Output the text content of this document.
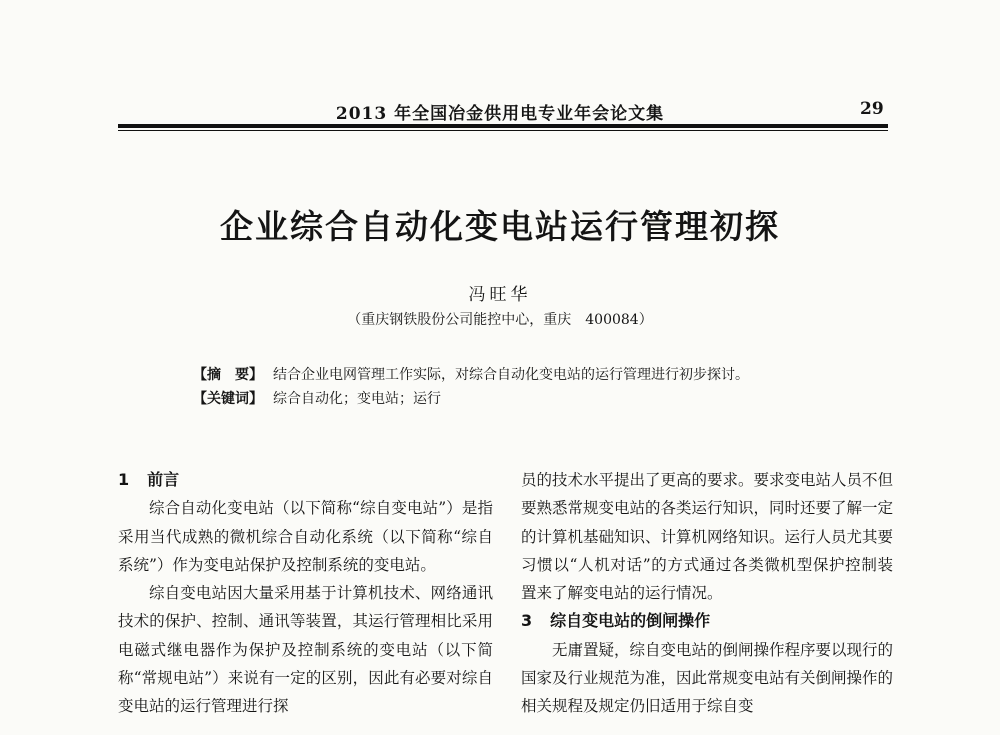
2013 年全国冶金供用电专业年会论文集	29
企业综合自动化变电站运行管理初探
冯旺华
（重庆钢铁股份公司能控中心，重庆　400084）
【摘　要】 结合企业电网管理工作实际，对综合自动化变电站的运行管理进行初步探讨。
【关键词】 综合自动化；变电站；运行
1 前言

综合自动化变电站（以下简称“综自变电站”）是指采用当代成熟的微机综合自动化系统（以下简称“综自系统”）作为变电站保护及控制系统的变电站。

综自变电站因大量采用基于计算机技术、网络通讯技术的保护、控制、通讯等装置，其运行管理相比采用电磁式继电器作为保护及控制系统的变电站（以下简称“常规电站”）来说有一定的区别，因此有必要对综自变电站的运行管理进行探

员的技术水平提出了更高的要求。要求变电站人员不但要熟悉常规变电站的各类运行知识，同时还要了解一定的计算机基础知识、计算机网络知识。运行人员尤其要习惯以“人机对话”的方式通过各类微机型保护控制装置来了解变电站的运行情况。

3 综自变电站的倒闸操作

无庸置疑，综自变电站的倒闸操作程序要以现行的国家及行业规范为准，因此常规变电站有关倒闸操作的相关规程及规定仍旧适用于综自变
